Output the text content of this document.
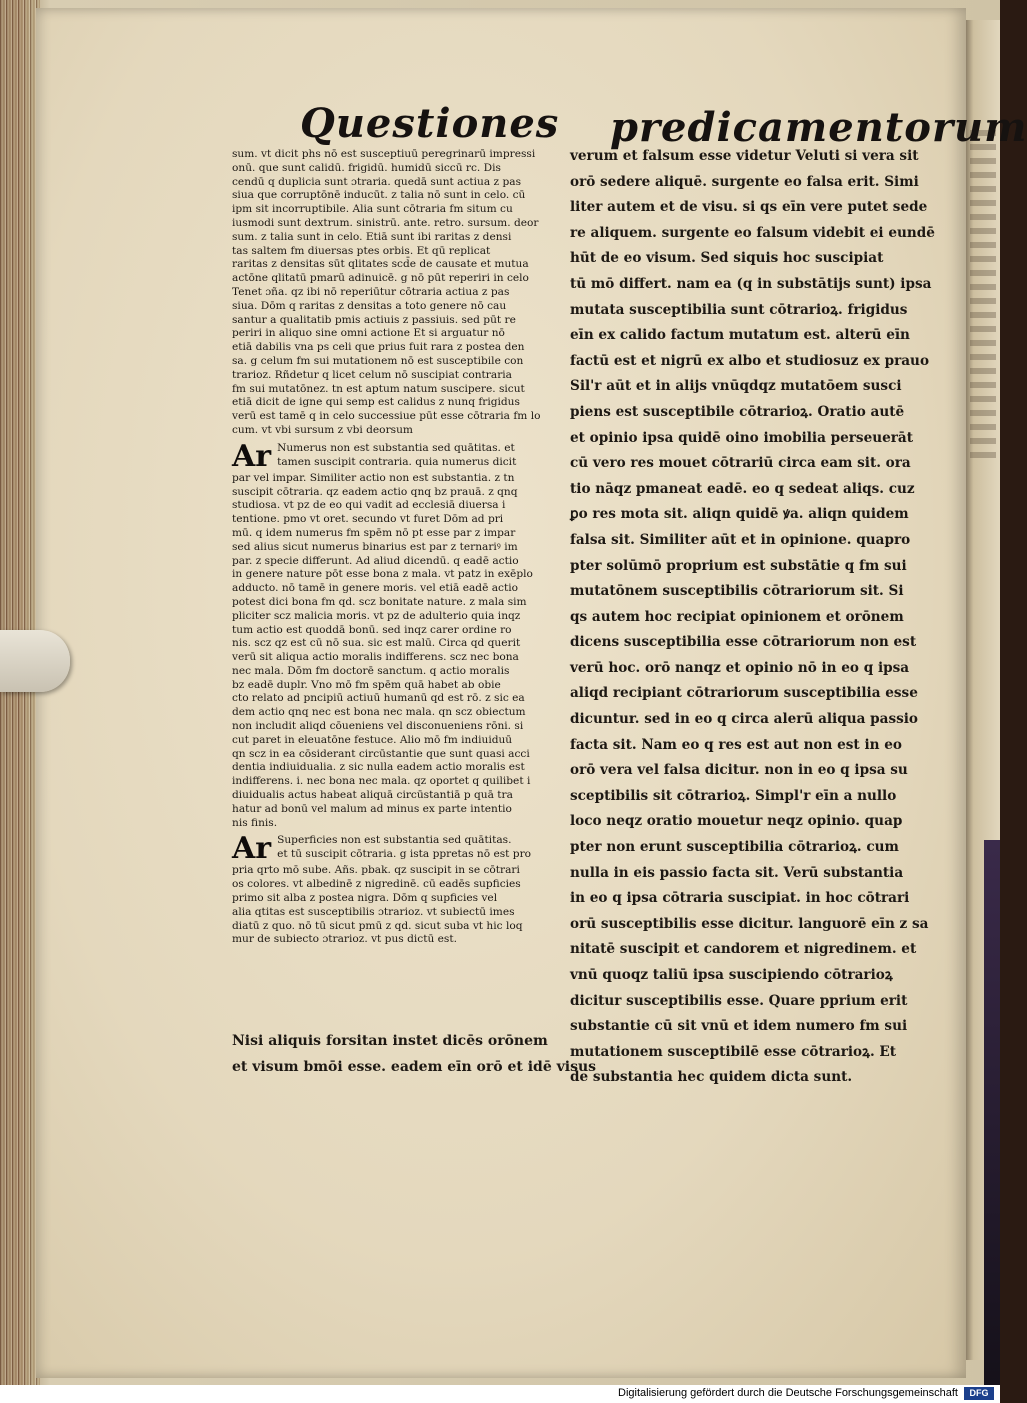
Questiones predicamentorum
sum. vt dicit phs nō est susceptiuū peregrinarū impressi
onū. que sunt calidū. frigidū. humidū siccū rc. Dis
cendū q duplicia sunt ɔtraria. quedā sunt actiua z pas
siua que corruptōnē inducūt. z talia nō sunt in celo. cū
ipm sit incorruptibile. Alia sunt cōtraria fm situm cu
iusmodi sunt dextrum. sinistrū. ante. retro. sursum. deor
sum. z talia sunt in celo. Etiā sunt ibi raritas z densi
tas saltem fm diuersas ptes orbis. Et qū replicat
raritas z densitas sūt qlitates scd̄e de causate et mutua
actōne qlitatū pmarū adinuicē. g nō pūt reperiri in celo
Tenet ɔña. qz ibi nō reperiūtur cōtraria actiua z pas
siua. Dōm q raritas z densitas a toto genere nō cau
santur a qualitatib pmis actiuis z passiuis. sed pūt re
periri in aliquo sine omni actione Et si arguatur nō
etiā dabilis vna ps celi que prius fuit rara z postea den
sa. g celum fm sui mutationem nō est susceptibile con
trarioz. Rñdetur q licet celum nō suscipiat contraria
fm sui mutatōnez. tn est aptum natum suscipere. sicut
etiā dicit de igne qui semp est calidus z nunq frigidus
verū est tamē q in celo successiue pūt esse cōtraria fm lo
cum. vt vbi sursum z vbi deorsum
Ar Numerus non est substantia sed quātitas. et
tamen suscipit contraria. quia numerus dicit
par vel impar. Similiter actio non est substantia. z tn
suscipit cōtraria. qz eadem actio qnq bz prauā. z qnq
studiosa. vt pz de eo qui vadit ad ecclesiā diuersa i
tentione. pmo vt oret. secundo vt furet Dōm ad pri
mū. q idem numerus fm spēm nō pt esse par z impar
sed alius sicut numerus binarius est par z ternariꝰ im
par. z specie differunt. Ad aliud dicendū. q eadē actio
in genere nature pōt esse bona z mala. vt patz in exēplo
adducto. nō tamē in genere moris. vel etiā eadē actio
potest dici bona fm qd. scz bonitate nature. z mala sim
pliciter scz malicia moris. vt pz de adulterio quia inqz
tum actio est quoddā bonū. sed inqz carer ordine ro
nis. scz qz est cū nō sua. sic est malū. Circa qd querit
verū sit aliqua actio moralis indifferens. scz nec bona
nec mala. Dōm fm doctorē sanctum. q actio moralis
bz eadē duplr. Vno mō fm spēm quā habet ab obie
cto relato ad pncipiū actiuū humanū qd est rō. z sic ea
dem actio qnq nec est bona nec mala. qn scz obiectum
non includit aliqd cōueniens vel disconueniens rōni. si
cut paret in eleuatōne festuce. Alio mō fm indiuiduū
qn scz in ea cōsiderant circūstantie que sunt quasi acci
dentia indiuidualia. z sic nulla eadem actio moralis est
indifferens. i. nec bona nec mala. qz oportet q quilibet i
diuidualis actus habeat aliquā circūstantiā p quā tra
hatur ad bonū vel malum ad minus ex parte intentio
nis finis.
Ar Superficies non est substantia sed quātitas.
et tū suscipit cōtraria. g ista ppretas nō est pro
pria qrto mō sube. Añs. pbak. qz suscipit in se cōtrari
os colores. vt albedinē z nigredinē. cū eadēs supficies
primo sit alba z postea nigra. Dōm q supficies vel
alia qtitas est susceptibilis ɔtrarioz. vt subiectū imes
diatū z quo. nō tū sicut pmū z qd. sicut suba vt hic loq
mur de subiecto ɔtrarioz. vt pus dictū est.
Nisi aliquis forsitan instet dicēs orōnem
et visum bmōi esse. eadem eīn orō et idē visus
verum et falsum esse videtur Veluti si vera sit
orō sedere aliquē. surgente eo falsa erit. Simi
liter autem et de visu. si qs eīn vere putet sede
re aliquem. surgente eo falsum videbit ei eundē
hūt de eo visum. Sed siquis hoc suscipiat
tū mō differt. nam ea (q in substātijs sunt) ipsa
mutata susceptibilia sunt cōtrarioꝝ. frigidus
eīn ex calido factum mutatum est. alterū eīn
factū est et nigrū ex albo et studiosuz ex prauo
Sil'r aūt et in alijs vnūqdqz mutatōem susci
piens est susceptibile cōtrarioꝝ. Oratio autē
et opinio ipsa quidē oino imobilia perseuerāt
cū vero res mouet cōtrariū circa eam sit. ora
tio nāqz pmaneat eadē. eo q sedeat aliqs. cuz
ꝑo res mota sit. aliqn quidē ꝟa. aliqn quidem
falsa sit. Similiter aūt et in opinione. quapro
pter solūmō proprium est substātie q fm sui
mutatōnem susceptibilis cōtrariorum sit. Si
qs autem hoc recipiat opinionem et orōnem
dicens susceptibilia esse cōtrariorum non est
verū hoc. orō nanqz et opinio nō in eo q ipsa
aliqd recipiant cōtrariorum susceptibilia esse
dicuntur. sed in eo q circa alerū aliqua passio
facta sit. Nam eo q res est aut non est in eo
orō vera vel falsa dicitur. non in eo q ipsa su
sceptibilis sit cōtrarioꝝ. Simpl'r eīn a nullo
loco neqz oratio mouetur neqz opinio. quap
pter non erunt susceptibilia cōtrarioꝝ. cum
nulla in eis passio facta sit. Verū substantia
in eo q ipsa cōtraria suscipiat. in hoc cōtrari
orū susceptibilis esse dicitur. languorē eīn z sa
nitatē suscipit et candorem et nigredinem. et
vnū quoqz taliū ipsa suscipiendo cōtrarioꝝ
dicitur susceptibilis esse. Quare pprium erit
substantie cū sit vnū et idem numero fm sui
mutationem susceptibilē esse cōtrarioꝝ. Et
de substantia hec quidem dicta sunt.
Digitalisierung gefördert durch die Deutsche Forschungsgemeinschaft	DFG
